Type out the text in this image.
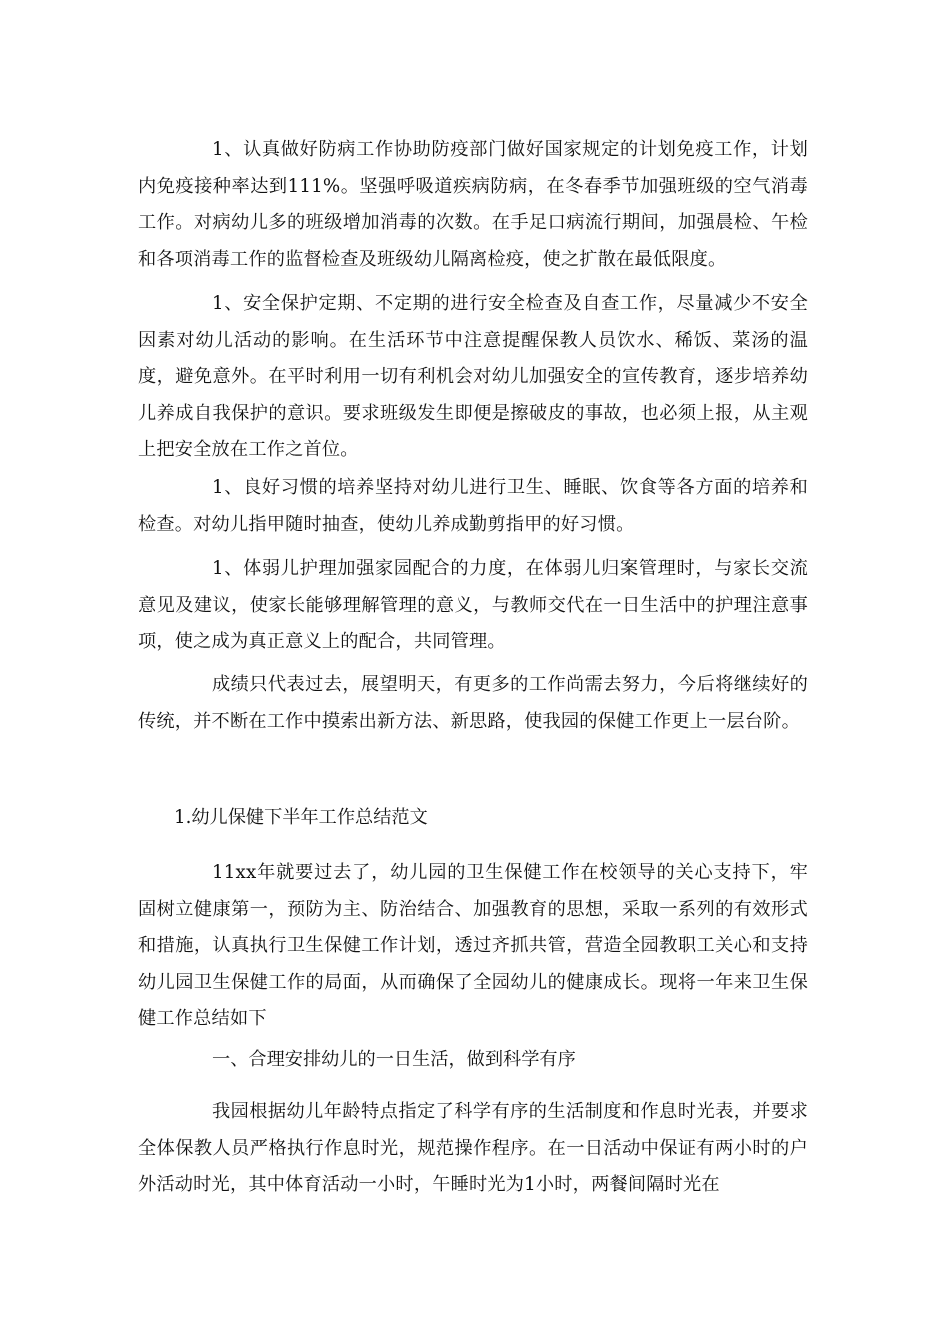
1、认真做好防病工作协助防疫部门做好国家规定的计划免疫工作，计划内免疫接种率达到111%。坚强呼吸道疾病防病，在冬春季节加强班级的空气消毒工作。对病幼儿多的班级增加消毒的次数。在手足口病流行期间，加强晨检、午检和各项消毒工作的监督检查及班级幼儿隔离检疫，使之扩散在最低限度。

1、安全保护定期、不定期的进行安全检查及自查工作，尽量减少不安全因素对幼儿活动的影响。在生活环节中注意提醒保教人员饮水、稀饭、菜汤的温度，避免意外。在平时利用一切有利机会对幼儿加强安全的宣传教育，逐步培养幼儿养成自我保护的意识。要求班级发生即便是擦破皮的事故，也必须上报，从主观上把安全放在工作之首位。

1、良好习惯的培养坚持对幼儿进行卫生、睡眠、饮食等各方面的培养和检查。对幼儿指甲随时抽查，使幼儿养成勤剪指甲的好习惯。

1、体弱儿护理加强家园配合的力度，在体弱儿归案管理时，与家长交流意见及建议，使家长能够理解管理的意义，与教师交代在一日生活中的护理注意事项，使之成为真正意义上的配合，共同管理。

成绩只代表过去，展望明天，有更多的工作尚需去努力，今后将继续好的传统，并不断在工作中摸索出新方法、新思路，使我园的保健工作更上一层台阶。

1.幼儿保健下半年工作总结范文

11xx年就要过去了，幼儿园的卫生保健工作在校领导的关心支持下，牢固树立健康第一，预防为主、防治结合、加强教育的思想，采取一系列的有效形式和措施，认真执行卫生保健工作计划，透过齐抓共管，营造全园教职工关心和支持幼儿园卫生保健工作的局面，从而确保了全园幼儿的健康成长。现将一年来卫生保健工作总结如下

一、合理安排幼儿的一日生活，做到科学有序

我园根据幼儿年龄特点指定了科学有序的生活制度和作息时光表，并要求全体保教人员严格执行作息时光，规范操作程序。在一日活动中保证有两小时的户外活动时光，其中体育活动一小时，午睡时光为1小时，两餐间隔时光在
